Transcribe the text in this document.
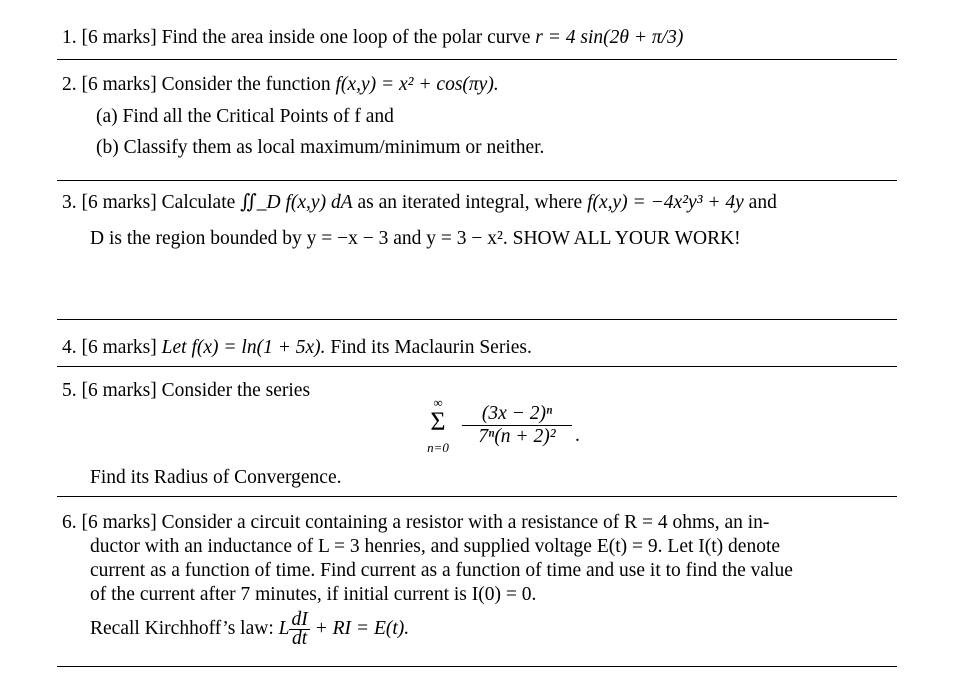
1. [6 marks] Find the area inside one loop of the polar curve r = 4 sin(2θ + π/3)
2. [6 marks] Consider the function f(x,y) = x² + cos(πy).
(a) Find all the Critical Points of f and
(b) Classify them as local maximum/minimum or neither.
3. [6 marks] Calculate ∬_D f(x,y) dA as an iterated integral, where f(x,y) = −4x²y³ + 4y and
D is the region bounded by y = −x − 3 and y = 3 − x². SHOW ALL YOUR WORK!
4. [6 marks] Let f(x) = ln(1 + 5x). Find its Maclaurin Series.
5. [6 marks] Consider the series
∞
Σ
$n=0 \frac{\text{(3x − 2)ⁿ}}{\text{7ⁿ(n + 2)²}}$ .
Find its Radius of Convergence.
6. [6 marks] Consider a circuit containing a resistor with a resistance of R = 4 ohms, an in-
ductor with an inductance of L = 3 henries, and supplied voltage E(t) = 9. Let I(t) denote
current as a function of time. Find current as a function of time and use it to find the value
of the current after 7 minutes, if initial current is I(0) = 0.
Recall Kirchhoff’s law: L $\frac{dI}{dt}$ + RI = E(t).
